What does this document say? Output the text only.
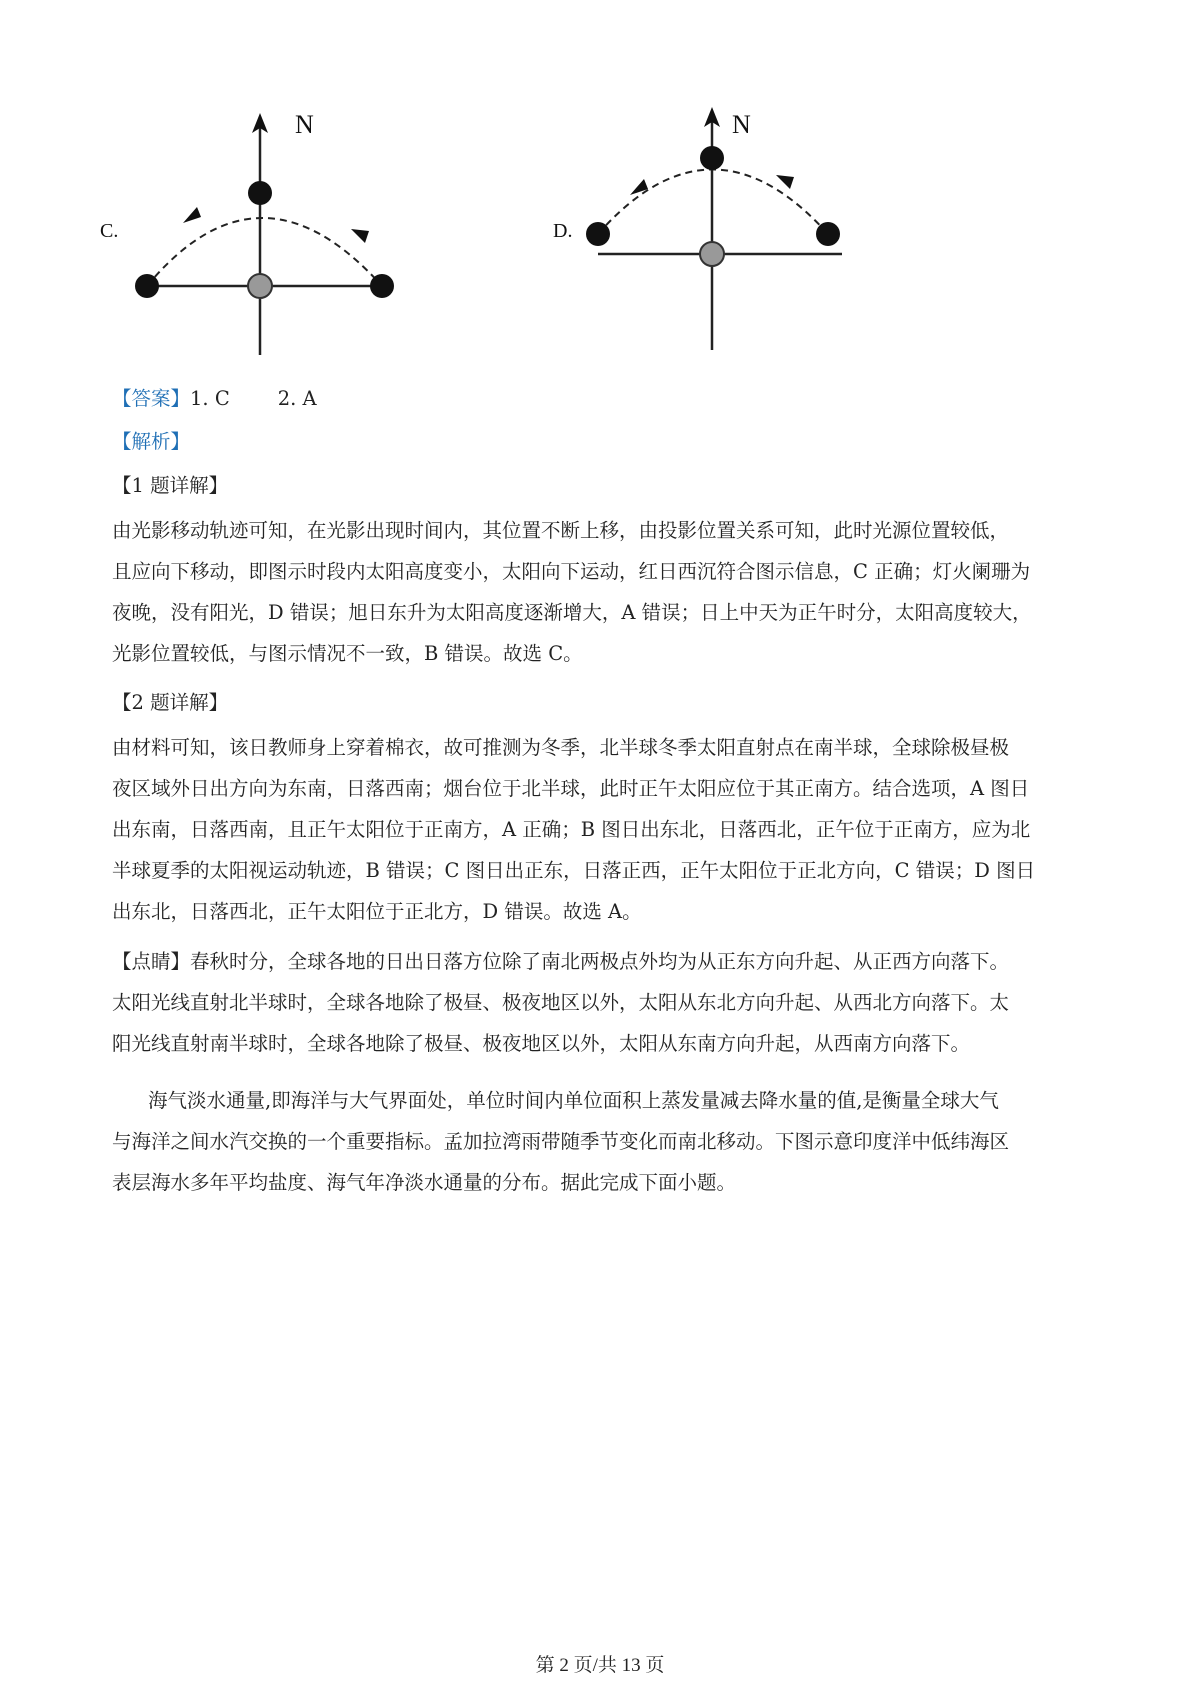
C.
N
D.
N
【答案】1. C 2. A
【解析】
【1 题详解】
由光影移动轨迹可知，在光影出现时间内，其位置不断上移，由投影位置关系可知，此时光源位置较低，
且应向下移动，即图示时段内太阳高度变小，太阳向下运动，红日西沉符合图示信息，C 正确；灯火阑珊为
夜晚，没有阳光，D 错误；旭日东升为太阳高度逐渐增大，A 错误；日上中天为正午时分，太阳高度较大，
光影位置较低，与图示情况不一致，B 错误。故选 C。
【2 题详解】
由材料可知，该日教师身上穿着棉衣，故可推测为冬季，北半球冬季太阳直射点在南半球，全球除极昼极
夜区域外日出方向为东南，日落西南；烟台位于北半球，此时正午太阳应位于其正南方。结合选项，A 图日
出东南，日落西南，且正午太阳位于正南方，A 正确；B 图日出东北，日落西北，正午位于正南方，应为北
半球夏季的太阳视运动轨迹，B 错误；C 图日出正东，日落正西，正午太阳位于正北方向，C 错误；D 图日
出东北，日落西北，正午太阳位于正北方，D 错误。故选 A。
【点睛】春秋时分，全球各地的日出日落方位除了南北两极点外均为从正东方向升起、从正西方向落下。
太阳光线直射北半球时，全球各地除了极昼、极夜地区以外，太阳从东北方向升起、从西北方向落下。太
阳光线直射南半球时，全球各地除了极昼、极夜地区以外，太阳从东南方向升起，从西南方向落下。
海气淡水通量,即海洋与大气界面处，单位时间内单位面积上蒸发量减去降水量的值,是衡量全球大气
与海洋之间水汽交换的一个重要指标。孟加拉湾雨带随季节变化而南北移动。下图示意印度洋中低纬海区
表层海水多年平均盐度、海气年净淡水通量的分布。据此完成下面小题。
第 2 页/共 13 页
